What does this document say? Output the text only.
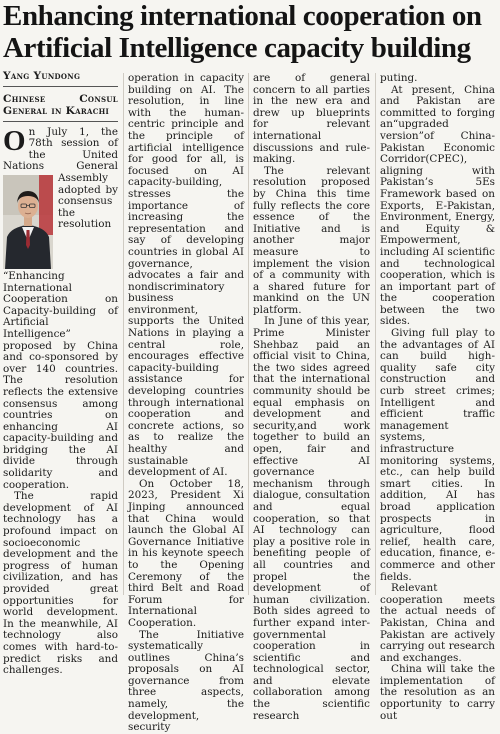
Enhancing international cooperation on
Artificial Intelligence capacity building
Yang Yundong
Chinese Consul General in Karachi

On July 1, the 78th session of the United Nations General As
sembly adopted by consensus the resolution “Enhancing International Cooperation on Capacity-building of Artificial Intelligence” proposed by China and co-sponsored by over 140 countries. The resolution reflects the extensive consensus among countries on enhancing AI capacity-building and bridging the AI divide through solidarity and cooperation.

The rapid development of AI technology has a profound impact on socioeconomic development and the progress of human civilization, and has provided great opportunities for world development. In the meanwhile, AI technology also comes with hard-to-predict risks and challenges.

operation in capacity building on AI. The resolution, in line with the human-centric principle and the principle of artificial intelligence for good for all, is focused on AI capacity-building, stresses the importance of increasing the representation and say of developing countries in global AI governance, advocates a fair and nondiscriminatory business environment, supports the United Nations in playing a central role, encourages effective capacity-building assistance for developing countries through international cooperation and concrete actions, so as to realize the healthy and sustainable development of AI.

On October 18, 2023, President Xi Jinping announced that China would launch the Global AI Governance Initiative in his keynote speech to the Opening Ceremony of the third Belt and Road Forum for International Cooperation.

The Initiative systematically outlines China’s proposals on AI governance from three aspects, namely, the development, security

are of general concern to all parties in the new era and drew up blueprints for relevant international discussions and rule-making.

The relevant resolution proposed by China this time fully reflects the core essence of the Initiative and is another major measure to implement the vision of a community with a shared future for mankind on the UN platform.

In June of this year, Prime Minister Shehbaz paid an official visit to China, the two sides agreed that the international community should be equal emphasis on development and security,and work together to build an open, fair and effective AI governance mechanism through dialogue, consultation and equal cooperation, so that AI technology can play a positive role in benefiting people of all countries and propel the development of human civilization. Both sides agreed to further expand inter-governmental cooperation in scientific and technological sector, and elevate collaboration among the scientific research

puting.

At present, China and Pakistan are committed to forging an“upgraded version”of China-Pakistan Economic Corridor(CPEC), aligning with Pakistan’s 5Es Framework based on Exports, E-Pakistan, Environment, Energy, and Equity & Empowerment, including AI scientific and technological cooperation, which is an important part of the cooperation between the two sides.

Giving full play to the advantages of AI can build high-quality safe city construction and curb street crimes; Intelligent and efficient traffic management systems, infrastructure monitoring systems, etc., can help build smart cities. In addition, AI has broad application prospects in agriculture, flood relief, health care, education, finance, e-commerce and other fields.

Relevant cooperation meets the actual needs of Pakistan, China and Pakistan are actively carrying out research and exchanges.

China will take the implementation of the resolution as an opportunity to carry out
